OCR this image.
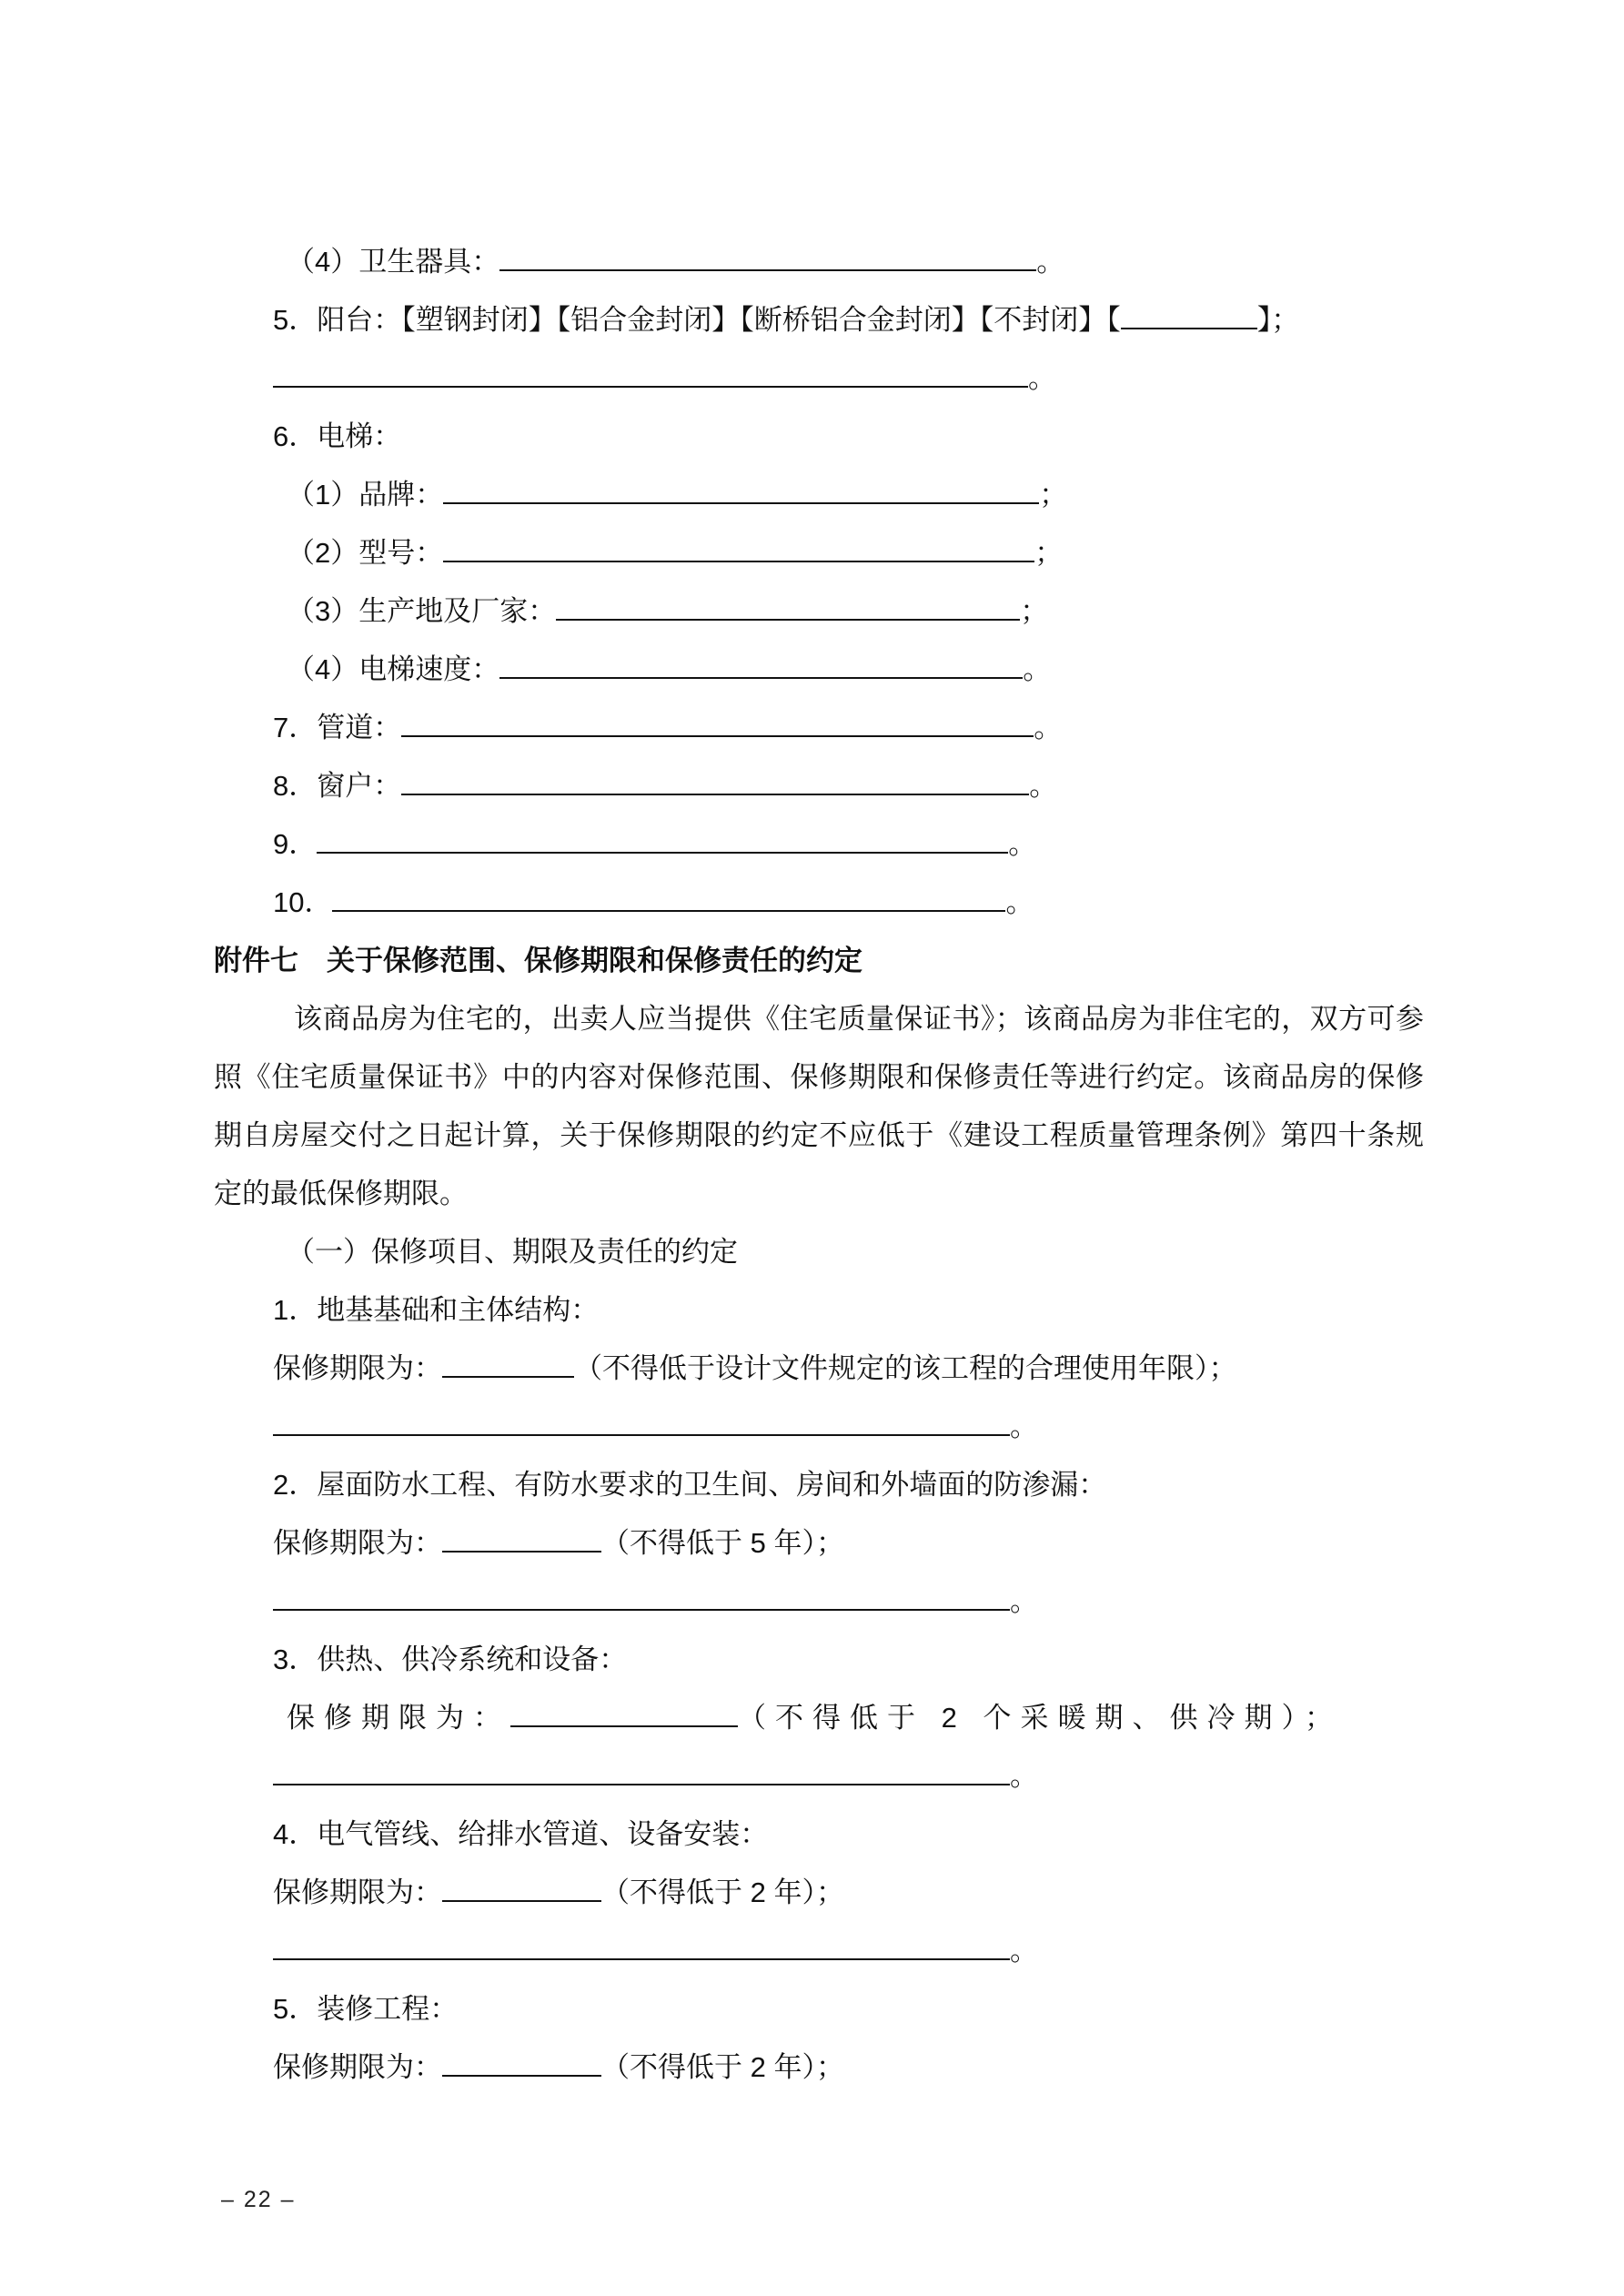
（4）卫生器具：	。
5．阳台：【塑钢封闭】【铝合金封闭】【断桥铝合金封闭】【不封闭】【	】；
。
6．电梯：
（1）品牌：	；
（2）型号：	；
（3）生产地及厂家：	；
（4）电梯速度：	。
7．管道：	。
8．窗户：	。
9．	。
10．	。
附件七　关于保修范围、保修期限和保修责任的约定
该商品房为住宅的，出卖人应当提供《住宅质量保证书》；该商品房为非住宅的，双方可参照《住宅质量保证书》中的内容对保修范围、保修期限和保修责任等进行约定。该商品房的保修期自房屋交付之日起计算，关于保修期限的约定不应低于《建设工程质量管理条例》第四十条规定的最低保修期限。
（一）保修项目、期限及责任的约定
1．地基基础和主体结构：
保修期限为：	（不得低于设计文件规定的该工程的合理使用年限）；
。
2．屋面防水工程、有防水要求的卫生间、房间和外墙面的防渗漏：
保修期限为：	（不得低于 5 年）；
。
3．供热、供冷系统和设备：
保修期限为：	（不得低于 2 个采暖期、供冷期）；
。
4．电气管线、给排水管道、设备安装：
保修期限为：	（不得低于 2 年）；
。
5．装修工程：
保修期限为：	（不得低于 2 年）；
– 22 –
